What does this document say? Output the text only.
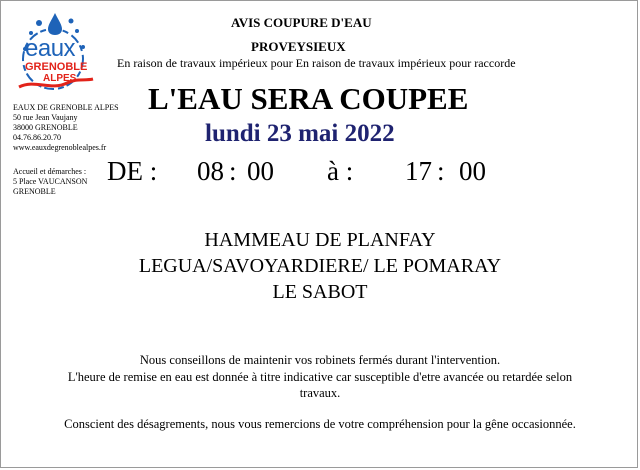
eaux
GRENOBLE
ALPES
EAUX DE GRENOBLE ALPES
50 rue Jean Vaujany
38000 GRENOBLE
04.76.86.20.70
www.eauxdegrenoblealpes.fr
Accueil et démarches :
5 Place VAUCANSON
GRENOBLE
AVIS COUPURE D'EAU
PROVEYSIEUX
En raison de travaux impérieux pour En raison de travaux impérieux pour raccorde
L'EAU SERA COUPEE
lundi 23 mai 2022
DE : 08 : 00 à : 17 : 00
HAMMEAU DE PLANFAY
LEGUA/SAVOYARDIERE/ LE POMARAY
LE SABOT
Nous conseillons de maintenir vos robinets fermés durant l'intervention.
L'heure de remise en eau est donnée à titre indicative car susceptible d'etre avancée ou retardée selon
travaux.
Conscient des désagrements, nous vous remercions de votre compréhension pour la gêne occasionnée.
